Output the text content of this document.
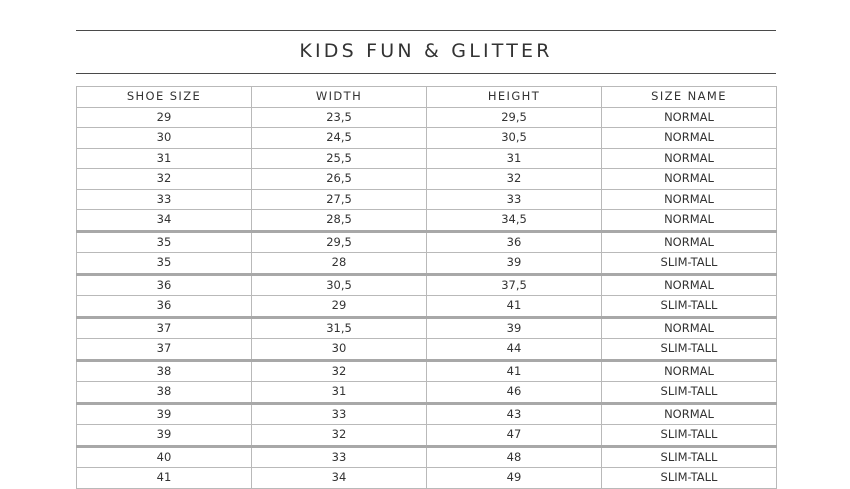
KIDS FUN & GLITTER
SHOE SIZE	WIDTH	HEIGHT	SIZE NAME
29	23,5	29,5	NORMAL
30	24,5	30,5	NORMAL
31	25,5	31	NORMAL
32	26,5	32	NORMAL
33	27,5	33	NORMAL
34	28,5	34,5	NORMAL
35	29,5	36	NORMAL
35	28	39	SLIM-TALL
36	30,5	37,5	NORMAL
36	29	41	SLIM-TALL
37	31,5	39	NORMAL
37	30	44	SLIM-TALL
38	32	41	NORMAL
38	31	46	SLIM-TALL
39	33	43	NORMAL
39	32	47	SLIM-TALL
40	33	48	SLIM-TALL
41	34	49	SLIM-TALL
